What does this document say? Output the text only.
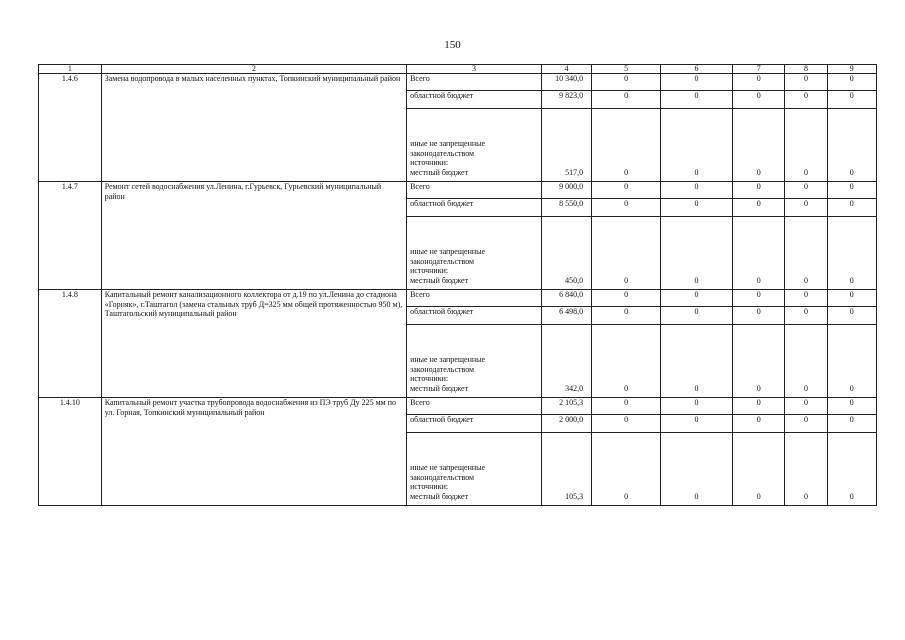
150
1	2	3	4	5	6	7	8	9
1.4.6	Замена водопровода в малых населенных пунктах, Топкинский муниципальный район	Всего	10 340,0	0	0	0	0	0
		областной бюджет	9 823,0	0	0	0	0	0

		иные не запрещенные
законодательством
источники:
местный бюджет	517,0	0	0	0	0	0
1.4.7	Ремонт сетей водоснабжения ул.Ленина, г.Гурьевск, Гурьевский муниципальный район	Всего	9 000,0	0	0	0	0	0
		областной бюджет	8 550,0	0	0	0	0	0

		иные не запрещенные
законодательством
источники:
местный бюджет	450,0	0	0	0	0	0
1.4.8	Капитальный ремонт канализационного коллектора от д.19 по ул.Ленина до стадиона «Горняк», г.Таштагол (замена стальных труб Д=325 мм общей протяженностью 950 м), Таштагольский муниципальный район	Всего	6 840,0	0	0	0	0	0
		областной бюджет	6 498,0	0	0	0	0	0

		иные не запрещенные
законодательством
источники:
местный бюджет	342,0	0	0	0	0	0
1.4.10	Капитальный ремонт участка трубопровода водоснабжения из ПЭ труб Ду 225 мм по ул. Горная, Топкинский муниципальный район	Всего	2 105,3	0	0	0	0	0
		областной бюджет	2 000,0	0	0	0	0	0

		иные не запрещенные
законодательством
источники:
местный бюджет	105,3	0	0	0	0	0
